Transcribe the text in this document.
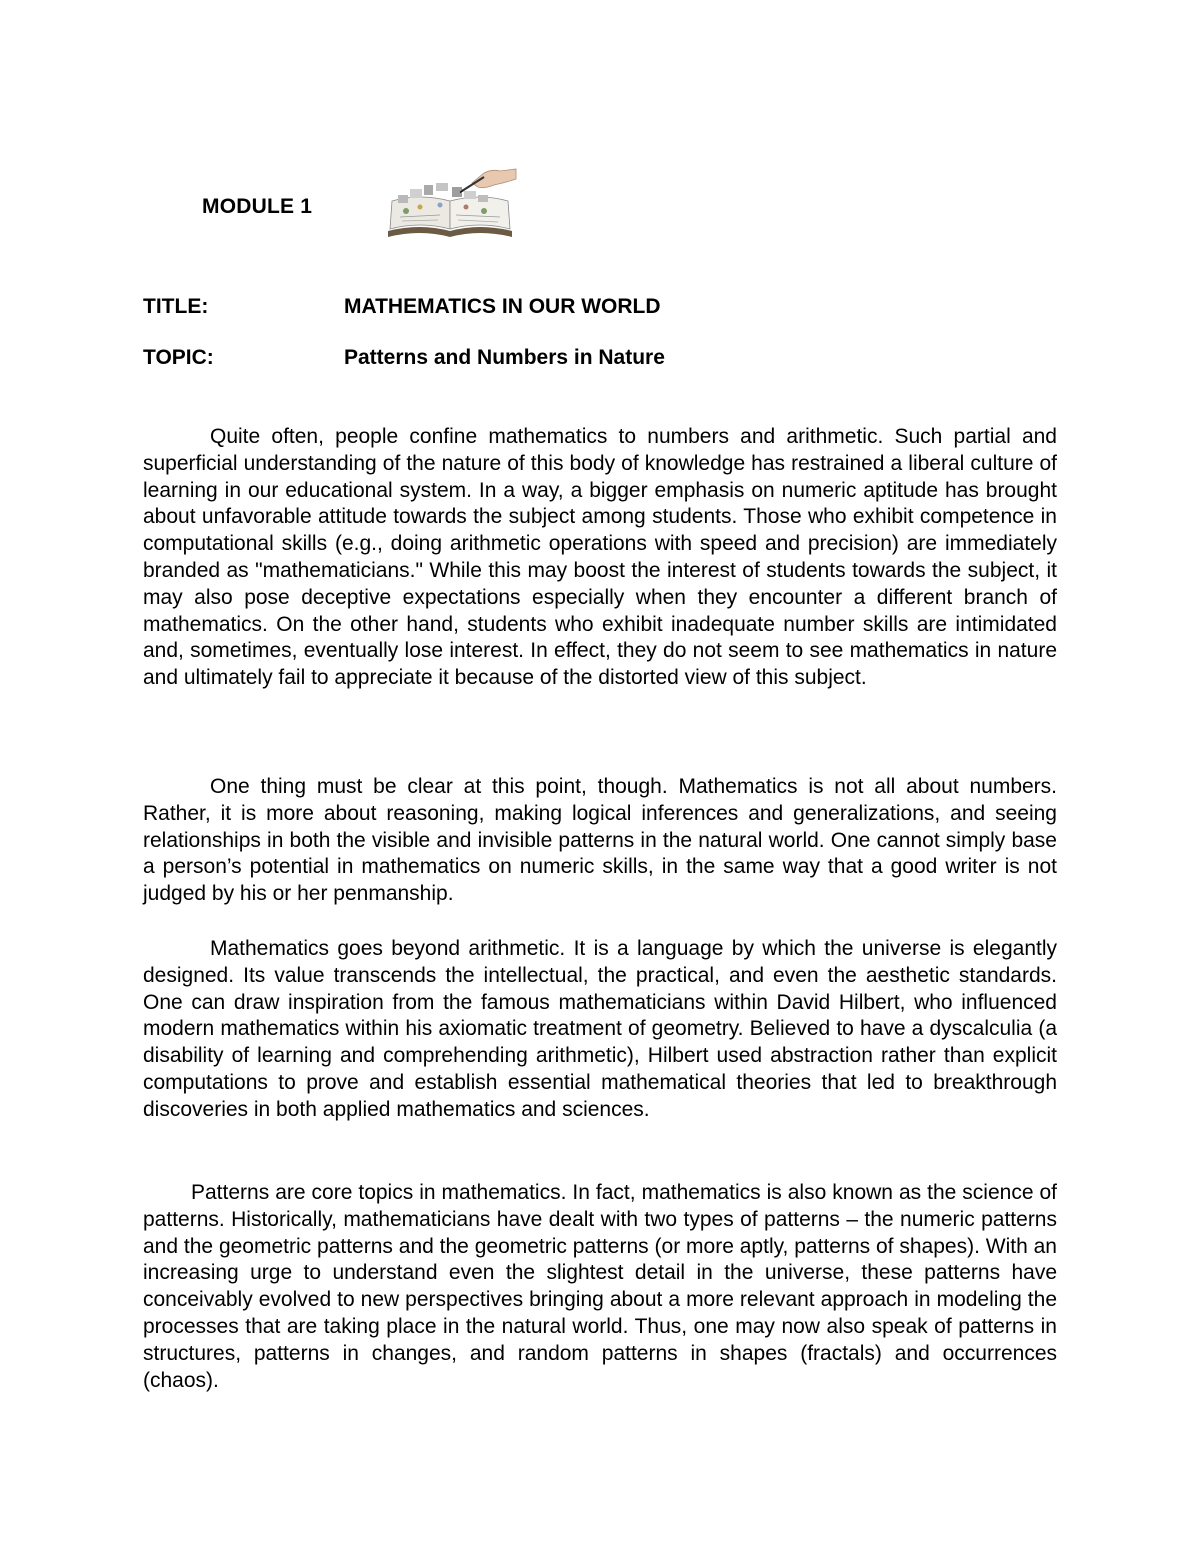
MODULE 1
TITLE:	MATHEMATICS IN OUR WORLD
TOPIC:	Patterns and Numbers in Nature

Quite often, people confine mathematics to numbers and arithmetic. Such partial and superficial understanding of the nature of this body of knowledge has restrained a liberal culture of learning in our educational system. In a way, a bigger emphasis on numeric aptitude has brought about unfavorable attitude towards the subject among students. Those who exhibit competence in computational skills (e.g., doing arithmetic operations with speed and precision) are immediately branded as "mathematicians." While this may boost the interest of students towards the subject, it may also pose deceptive expectations especially when they encounter a different branch of mathematics. On the other hand, students who exhibit inadequate number skills are intimidated and, sometimes, eventually lose interest. In effect, they do not seem to see mathematics in nature and ultimately fail to appreciate it because of the distorted view of this subject.

One thing must be clear at this point, though. Mathematics is not all about numbers. Rather, it is more about reasoning, making logical inferences and generalizations, and seeing relationships in both the visible and invisible patterns in the natural world. One cannot simply base a person’s potential in mathematics on numeric skills, in the same way that a good writer is not judged by his or her penmanship.

Mathematics goes beyond arithmetic. It is a language by which the universe is elegantly designed. Its value transcends the intellectual, the practical, and even the aesthetic standards. One can draw inspiration from the famous mathematicians within David Hilbert, who influenced modern mathematics within his axiomatic treatment of geometry. Believed to have a dyscalculia (a disability of learning and comprehending arithmetic), Hilbert used abstraction rather than explicit computations to prove and establish essential mathematical theories that led to breakthrough discoveries in both applied mathematics and sciences.

Patterns are core topics in mathematics. In fact, mathematics is also known as the science of patterns. Historically, mathematicians have dealt with two types of patterns – the numeric patterns and the geometric patterns and the geometric patterns (or more aptly, patterns of shapes). With an increasing urge to understand even the slightest detail in the universe, these patterns have conceivably evolved to new perspectives bringing about a more relevant approach in modeling the processes that are taking place in the natural world. Thus, one may now also speak of patterns in structures, patterns in changes, and random patterns in shapes (fractals) and occurrences (chaos).
